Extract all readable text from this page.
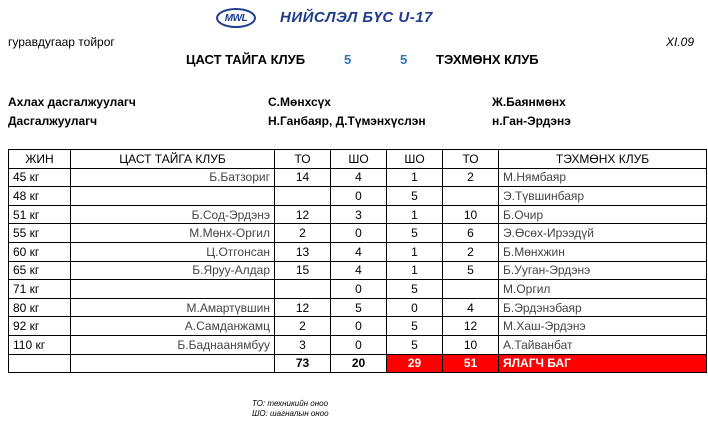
MWL НИЙСЛЭЛ БҮС U-17
гуравдугаар тойрог	XI.09
ЦАСТ ТАЙГА КЛУБ	5	5 ТЭХМӨНХ КЛУБ
Ахлах дасгалжуулагч	С.Мөнхсүх	Ж.Баянмөнх
Дасгалжуулагч	Н.Ганбаяр, Д.Түмэнхүслэн	н.Ган-Эрдэнэ
ЖИН	ЦАСТ ТАЙГА КЛУБ	ТО	ШО	ШО	ТО	ТЭХМӨНХ КЛУБ
45 кг	Б.Батзориг	14	4	1	2	М.Нямбаяр
48 кг			0	5		Э.Түвшинбаяр
51 кг	Б.Сод-Эрдэнэ	12	3	1	10	Б.Очир
55 кг	М.Мөнх-Оргил	2	0	5	6	Э.Өсөх-Ирээдүй
60 кг	Ц.Отгонсан	13	4	1	2	Б.Мөнхжин
65 кг	Б.Яруу-Алдар	15	4	1	5	Б.Ууган-Эрдэнэ
71 кг			0	5		М.Оргил
80 кг	М.Амартүвшин	12	5	0	4	Б.Эрдэнэбаяр
92 кг	А.Самданжамц	2	0	5	12	М.Хаш-Эрдэнэ
110 кг	Б.Баднаанямбуу	3	0	5	10	А.Тайванбат
		73	20	29	51	ЯЛАГЧ БАГ
ТО: техникийн оноо
ШО: шагналын оноо
